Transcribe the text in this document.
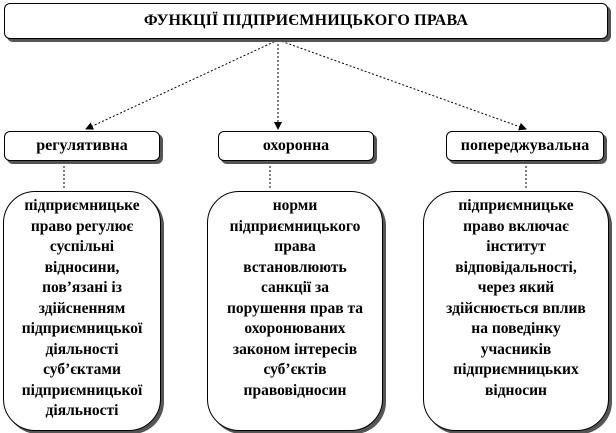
ФУНКЦІЇ ПІДПРИЄМНИЦЬКОГО ПРАВА
регулятивна	охоронна	попереджувальна
підприємницьке
право регулює
суспільні
відносини,
пов’язані із
здійсненням
підприємницької
діяльності
суб’єктами
підприємницької
діяльності
норми
підприємницького
права
встановлюють
санкції за
порушення прав та
охоронюваних
законом інтересів
суб’єктів
правовідносин
підприємницьке
право включає
інститут
відповідальності,
через який
здійснюється вплив
на поведінку
учасників
підприємницьких
відносин
